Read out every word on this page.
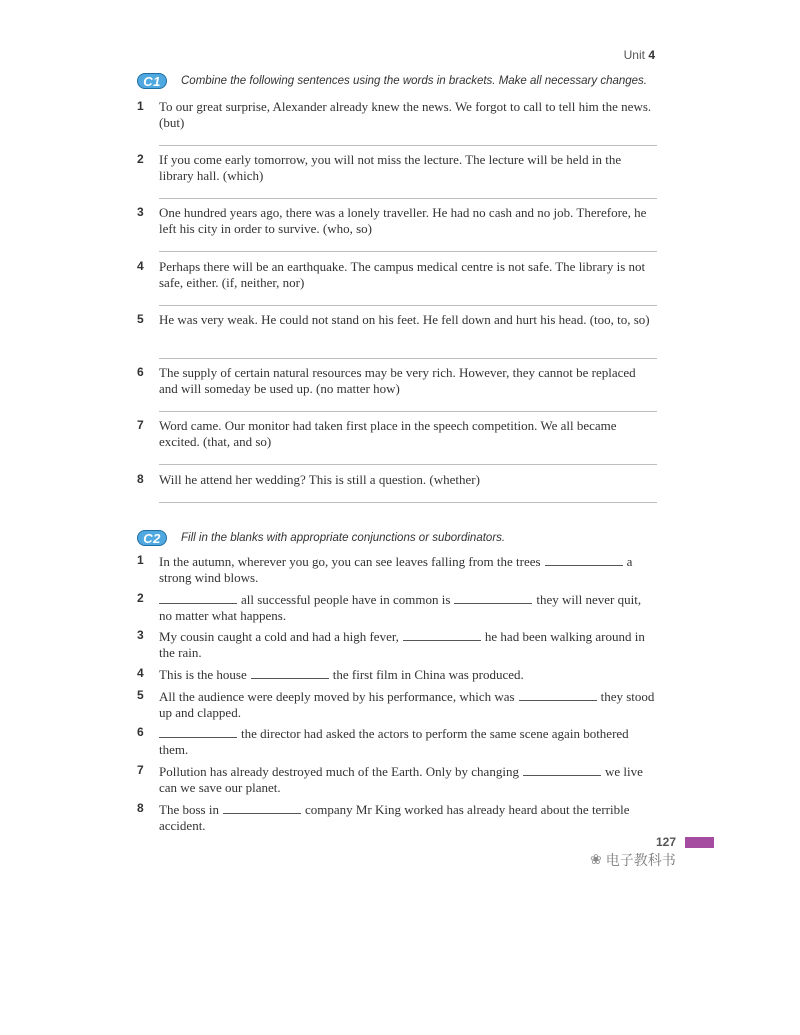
Unit 4
C1	Combine the following sentences using the words in brackets. Make all necessary changes.
1 To our great surprise, Alexander already knew the news. We forgot to call to tell him the news. (but)
2 If you come early tomorrow, you will not miss the lecture. The lecture will be held in the library hall. (which)
3 One hundred years ago, there was a lonely traveller. He had no cash and no job. Therefore, he left his city in order to survive. (who, so)
4 Perhaps there will be an earthquake. The campus medical centre is not safe. The library is not safe, either. (if, neither, nor)
5 He was very weak. He could not stand on his feet. He fell down and hurt his head. (too, to, so)
6 The supply of certain natural resources may be very rich. However, they cannot be replaced and will someday be used up. (no matter how)
7 Word came. Our monitor had taken first place in the speech competition. We all became excited. (that, and so)
8 Will he attend her wedding? This is still a question. (whether)
C2	Fill in the blanks with appropriate conjunctions or subordinators.
1 In the autumn, wherever you go, you can see leaves falling from the trees	a strong wind blows.
2	all successful people have in common is	they will never quit, no matter what happens.
3 My cousin caught a cold and had a high fever,	he had been walking around in the rain.
4 This is the house	the first film in China was produced.
5 All the audience were deeply moved by his performance, which was	they stood up and clapped.
6	the director had asked the actors to perform the same scene again bothered them.
7 Pollution has already destroyed much of the Earth. Only by changing	we live can we save our planet.
8 The boss in	company Mr King worked has already heard about the terrible accident.
127
❀ 电子教科书
